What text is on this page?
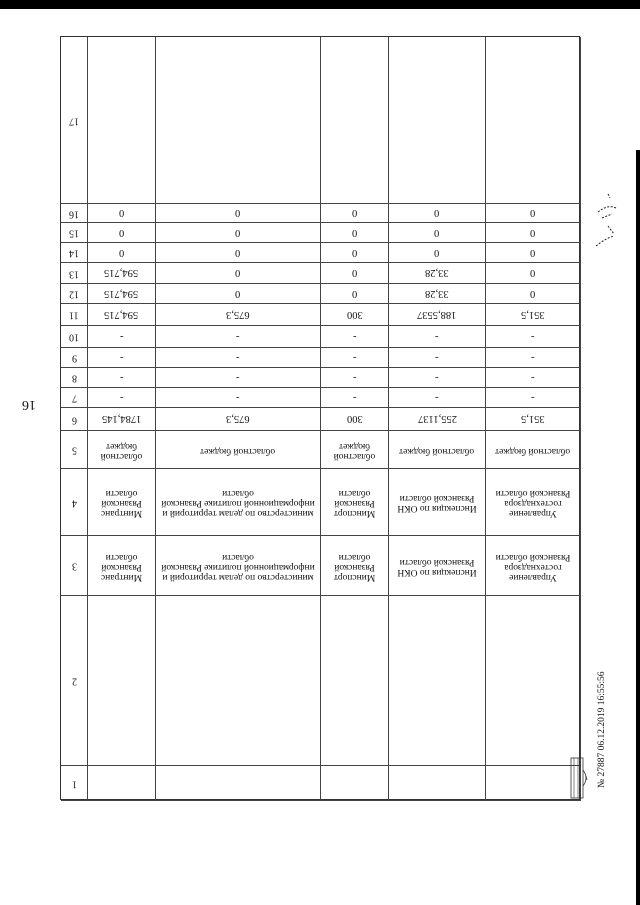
16
1
2
3
4
5
6
7
8
9
10
11
12
13
14
15
16
17
Минтранс Рязанской области
Минтранс Рязанской области
областной бюджет
1784,145
-
-
-
-
594,715
594,715
594,715
0
0
0
министерство по делам территорий и информационной политике Рязанской области
министерство по делам территорий и информационной политике Рязанской области
областной бюджет
675,3
-
-
-
-
675,3
0
0
0
0
0
Минспорт Рязанской области
Минспорт Рязанской области
областной бюджет
300
-
-
-
-
300
0
0
0
0
0
Инспекция по ОКН Рязанской области
Инспекция по ОКН Рязанской области
областной бюджет
255,1137
-
-
-
-
188,5537
33,28
33,28
0
0
0
Управление гостехнадзора Рязанской области
Управление гостехнадзора Рязанской области
областной бюджет
351,5
-
-
-
-
351,5
0
0
0
0
0
№ 27887 06.12.2019 16:55:56
